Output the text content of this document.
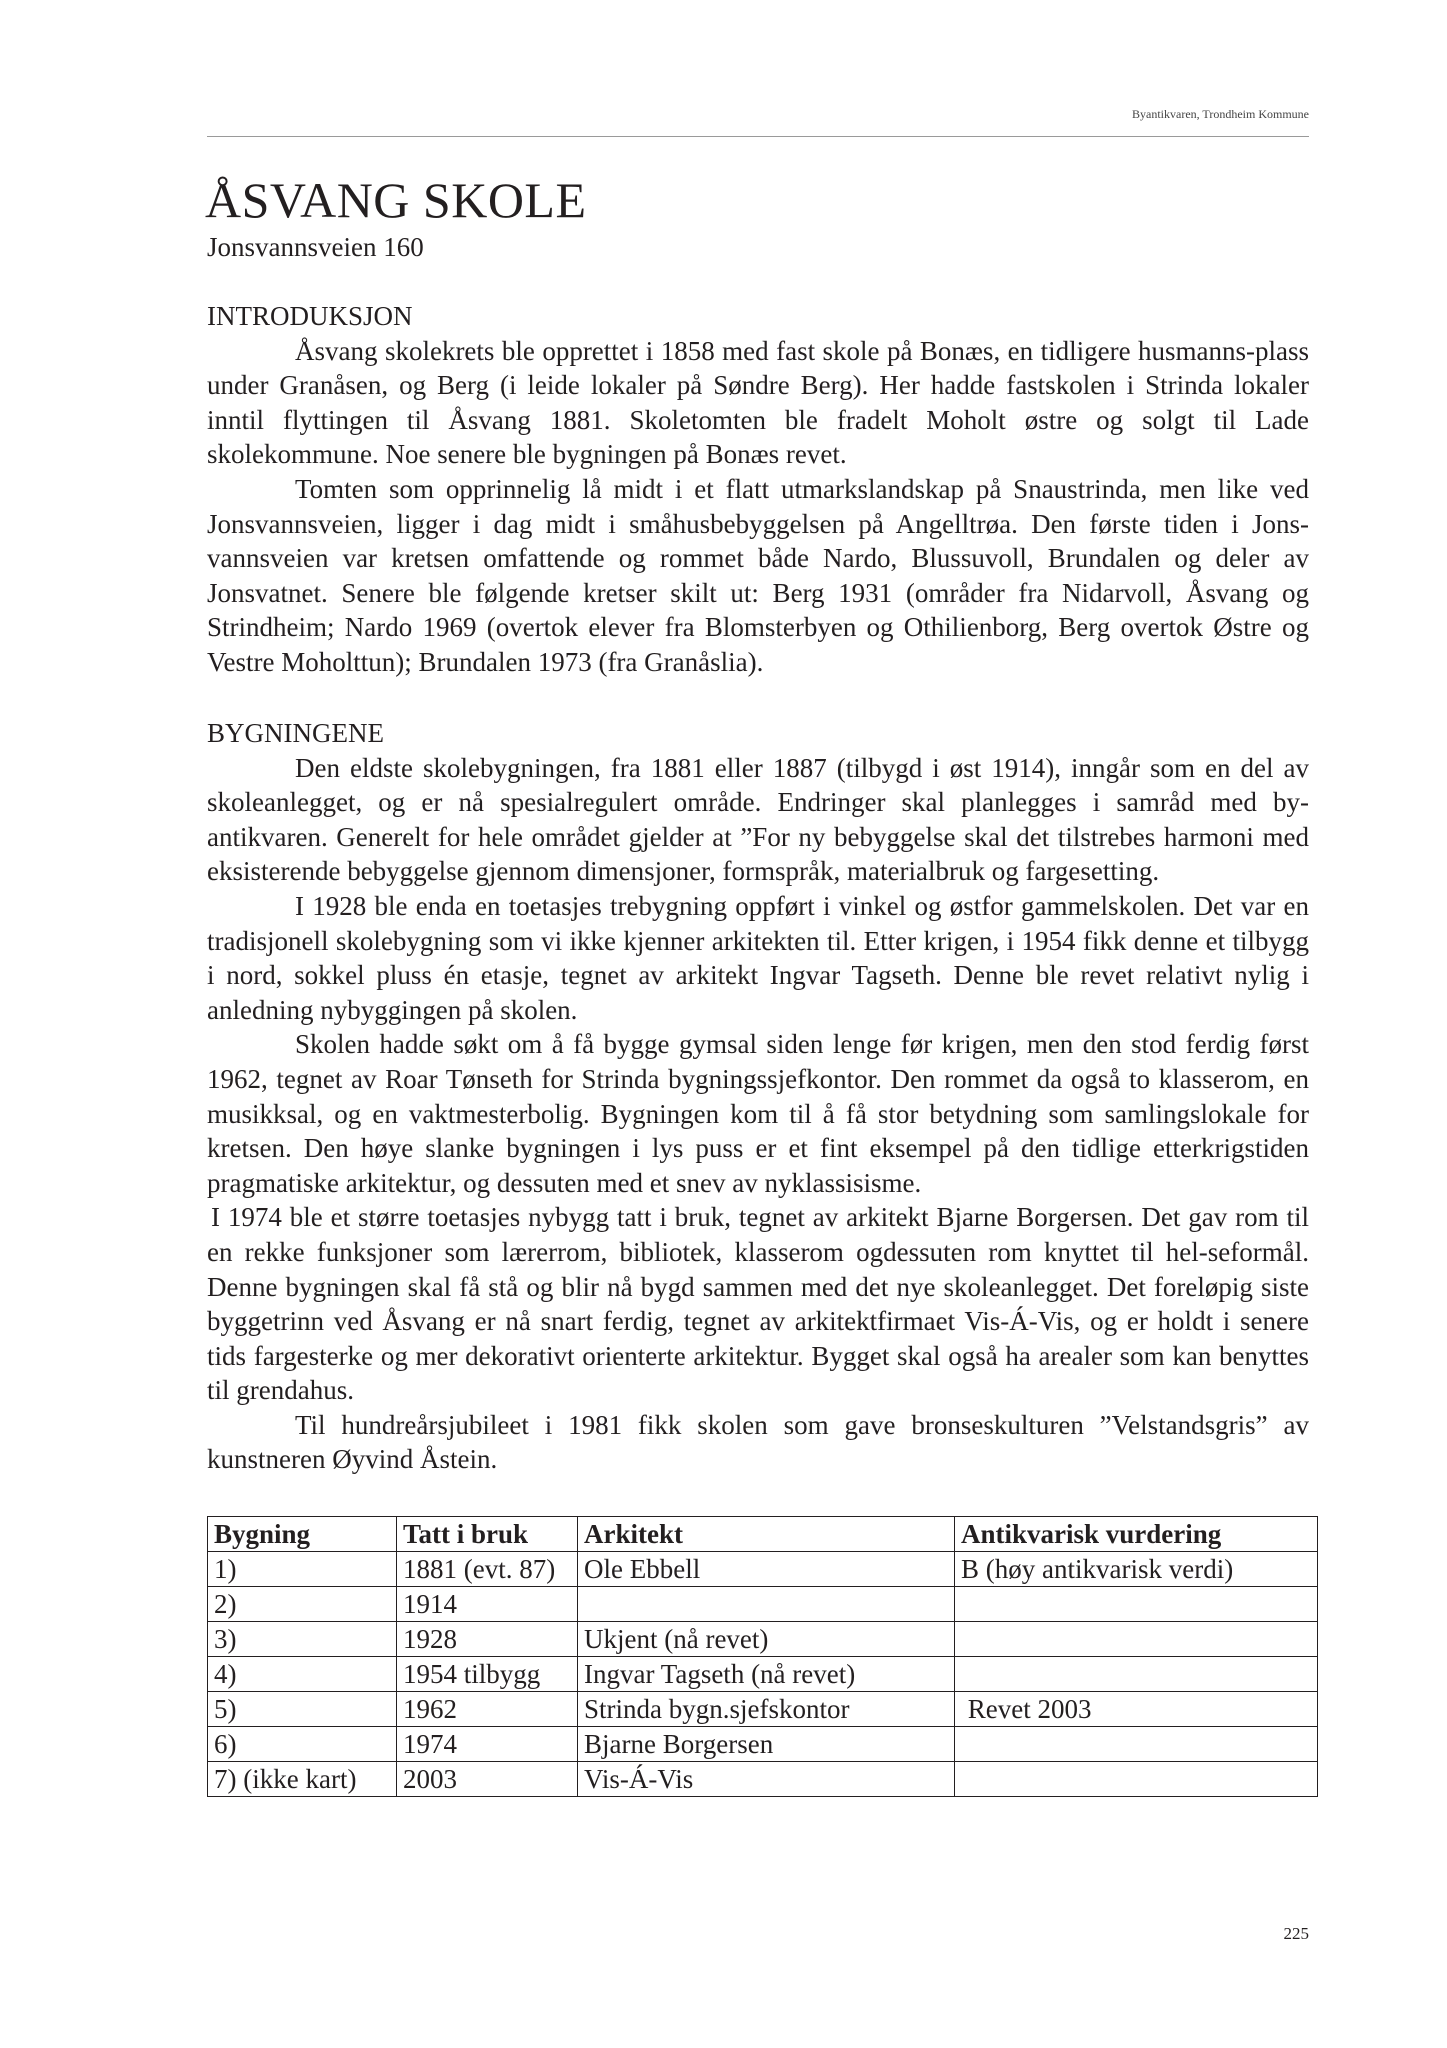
Byantikvaren, Trondheim Kommune
ÅSVANG SKOLE
Jonsvannsveien 160

INTRODUKSJON

Åsvang skolekrets ble opprettet i 1858 med fast skole på Bonæs, en tidligere husmanns-plass under Granåsen, og Berg (i leide lokaler på Søndre Berg). Her hadde fastskolen i Strinda lokaler inntil flyttingen til Åsvang 1881. Skoletomten ble fradelt Moholt østre og solgt til Lade skolekommune. Noe senere ble bygningen på Bonæs revet.

Tomten som opprinnelig lå midt i et flatt utmarkslandskap på Snaustrinda, men like ved Jonsvannsveien, ligger i dag midt i småhusbebyggelsen på Angelltrøa. Den første tiden i Jons-vannsveien var kretsen omfattende og rommet både Nardo, Blussuvoll, Brundalen og deler av Jonsvatnet. Senere ble følgende kretser skilt ut: Berg 1931 (områder fra Nidarvoll, Åsvang og Strindheim; Nardo 1969 (overtok elever fra Blomsterbyen og Othilienborg, Berg overtok Østre og Vestre Moholttun); Brundalen 1973 (fra Granåslia).

BYGNINGENE

Den eldste skolebygningen, fra 1881 eller 1887 (tilbygd i øst 1914), inngår som en del av skoleanlegget, og er nå spesialregulert område. Endringer skal planlegges i samråd med by-antikvaren. Generelt for hele området gjelder at ”For ny bebyggelse skal det tilstrebes harmoni med eksisterende bebyggelse gjennom dimensjoner, formspråk, materialbruk og fargesetting.

I 1928 ble enda en toetasjes trebygning oppført i vinkel og østfor gammelskolen. Det var en tradisjonell skolebygning som vi ikke kjenner arkitekten til. Etter krigen, i 1954 fikk denne et tilbygg i nord, sokkel pluss én etasje, tegnet av arkitekt Ingvar Tagseth. Denne ble revet relativt nylig i anledning nybyggingen på skolen.

Skolen hadde søkt om å få bygge gymsal siden lenge før krigen, men den stod ferdig først 1962, tegnet av Roar Tønseth for Strinda bygningssjefkontor. Den rommet da også to klasserom, en musikksal, og en vaktmesterbolig. Bygningen kom til å få stor betydning som samlingslokale for kretsen. Den høye slanke bygningen i lys puss er et fint eksempel på den tidlige etterkrigstiden pragmatiske arkitektur, og dessuten med et snev av nyklassisisme.

I 1974 ble et større toetasjes nybygg tatt i bruk, tegnet av arkitekt Bjarne Borgersen. Det gav rom til en rekke funksjoner som lærerrom, bibliotek, klasserom ogdessuten rom knyttet til hel-seformål. Denne bygningen skal få stå og blir nå bygd sammen med det nye skoleanlegget. Det foreløpig siste byggetrinn ved Åsvang er nå snart ferdig, tegnet av arkitektfirmaet Vis-Á-Vis, og er holdt i senere tids fargesterke og mer dekorativt orienterte arkitektur. Bygget skal også ha arealer som kan benyttes til grendahus.

Til hundreårsjubileet i 1981 fikk skolen som gave bronseskulturen ”Velstandsgris” av kunstneren Øyvind Åstein.

Bygning	Tatt i bruk	Arkitekt	Antikvarisk vurdering
1)	1881 (evt. 87)	Ole Ebbell	B (høy antikvarisk verdi)
2)	1914		
3)	1928	Ukjent (nå revet)	
4)	1954 tilbygg	Ingvar Tagseth (nå revet)	
5)	1962	Strinda bygn.sjefskontor	Revet 2003
6)	1974	Bjarne Borgersen	
7) (ikke kart)	2003	Vis-Á-Vis	
225
